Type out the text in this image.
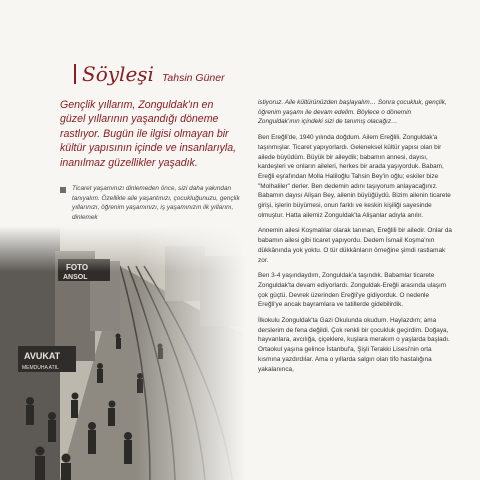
Söyleşi Tahsin Güner
Gençlik yıllarım, Zonguldak'ın en güzel yıllarının yaşandığı döneme rastlıyor. Bugün ile ilgisi olmayan bir kültür yapısının içinde ve insanlarıyla, inanılmaz güzellikler yaşadık.
Ticaret yaşamınızı dinlemeden önce, sizi daha yakından tanıyalım. Özellikle aile yaşantınızı, çocukluğunuzu, gençlik yıllarınızı, öğrenim yaşamınızı, iş yaşamınızın ilk yıllarını, dinlemek

istiyoruz. Aile kültürünüzden başlayalım… Sonra çocukluk, gençlik, öğrenim yaşamı ile devam edelim. Böylece o dönemin Zonguldak'ının içindeki sizi de tanımış olacağız…

Ben Ereğli'de, 1940 yılında doğdum. Ailem Ereğlili. Zonguldak'a taşınmışlar. Ticaret yapıyorlardı. Geleneksel kültür yapısı olan bir ailede büyüdüm. Büyük bir aileydik; babamın annesi, dayısı, kardeşleri ve onların aileleri, herkes bir arada yaşıyorduk. Babam, Ereğli eşrafından Molla Haliloğlu Tahsin Bey'in oğlu; eskiler bize "Molhaliler" derler. Ben dedemin adını taşıyorum anlayacağınız. Babamın dayısı Alişan Bey, ailenin büyüğüydü. Bizim ailenin ticarete girişi, işlerin büyümesi, onun farklı ve keskin kişiliği sayesinde olmuştur. Hatta ailemiz Zonguldak'ta Alişanlar adıyla anılır.

Annemin ailesi Koşmalılar olarak tanınan, Ereğlili bir ailedir. Onlar da babamın ailesi gibi ticaret yapıyordu. Dedem İsmail Koşma'nın dükkânında yok yoktu. O tür dükkânların örneğine şimdi rastlamak zor.

Ben 3-4 yaşındaydım, Zonguldak'a taşındık. Babamlar ticarete Zonguldak'ta devam ediyorlardı. Zonguldak-Ereğli arasında ulaşım çok güçtü. Devrek üzerinden Ereğli'ye gidiyorduk. O nedenle Ereğli'ye ancak bayramlara ve tatillerde gidebilirdik.

İlkokulu Zonguldak'ta Gazi Okulunda okudum. Haylazdım; ama derslerim de fena değildi. Çok renkli bir çocukluk geçirdim. Doğaya, hayvanlara, avcılığa, çiçeklere, kuşlara merakım o yaşlarda başladı. Ortaokul yaşına gelince İstanbul'a, Şişli Terakki Lisesi'nin orta kısmına yazdırdılar. Ama o yıllarda salgın olan tifo hastalığına yakalanınca,
